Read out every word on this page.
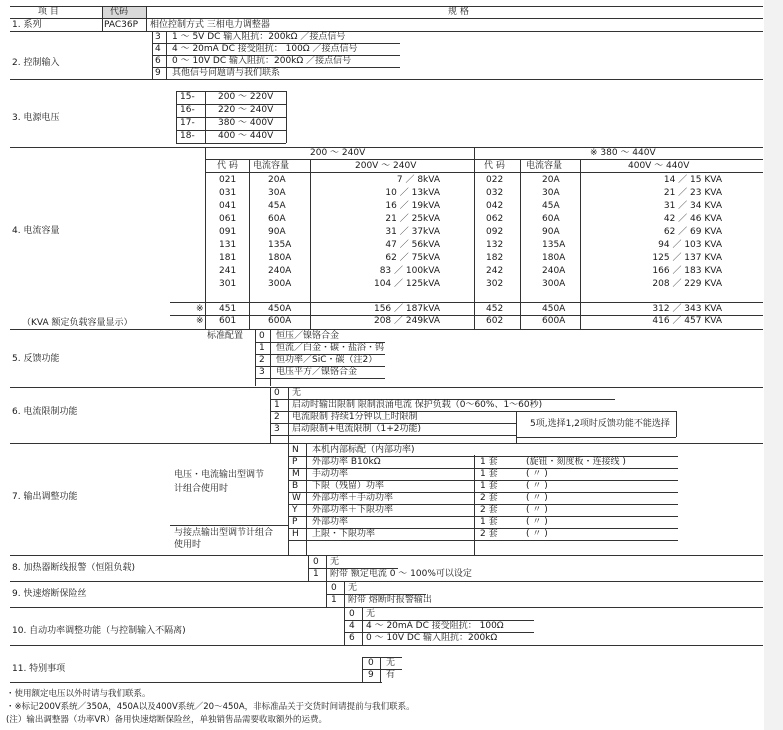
项 目	代码	规 格
1. 系列	PAC36P 相位控制方式 三相电力调整器
2. 控制输入
3 1 ～ 5V DC 输入阻抗：200kΩ ／接点信号
4 4 ～ 20mA DC 接受阻抗： 100Ω ／接点信号
6 0 ～ 10V DC 输入阻抗：200kΩ ／接点信号
9 其他信号问题请与我们联系
3. 电源电压
15-	200 ～ 220V
16-	220 ～ 240V
17-	380 ～ 400V
18-	400 ～ 440V
4. 电流容量
（KVA 额定负载容量显示）
200 ～ 240V	※ 380 ～ 440V
代 码 电流容量	200V ～ 240V	代 码 电流容量	400V ～ 440V
021	20A	7 ／ 8kVA	022	20A	14 ／ 15 KVA
031	30A	10 ／ 13kVA	032	30A	21 ／ 23 KVA
041	45A	16 ／ 19kVA	042	45A	31 ／ 34 KVA
061	60A	21 ／ 25kVA	062	60A	42 ／ 46 KVA
091	90A	31 ／ 37kVA	092	90A	62 ／ 69 KVA
131	135A	47 ／ 56kVA	132	135A	94 ／ 103 KVA
181	180A	62 ／ 75kVA	182	180A	125 ／ 137 KVA
241	240A	83 ／ 100kVA	242	240A	166 ／ 183 KVA
301	300A	104 ／ 125kVA	302	300A	208 ／ 229 KVA
451	450A	156 ／ 187kVA	452	450A	312 ／ 343 KVA
601	600A	208 ／ 249kVA	602	600A	416 ／ 457 KVA
※
※
5. 反馈功能
标准配置 0 恒压／镍铬合金
1 恒流／白金・碳・盐浴・钨
2 恒功率／SiC・碳（注2）
3 电压平方／镍铬合金
6. 电流限制功能
0 无
1 启动时输出限制 限制浪涌电流 保护负载（0～60%、1～60秒)
2 电流限制 持续1分钟以上时限制
3 启动限制+电流限制（1+2功能)	5项,选择1,2项时反馈功能不能选择
7. 输出调整功能
电压・电流输出型调节
计组合使用时
与接点输出型调节计组合
使用时
N 本机内部标配（内部功率)
P 外部功率 B10kΩ	1 套	(旋钮・刻度板・连接线 )
M 手动功率	1 套	( 〃 )
B 下限（残留）功率	1 套	( 〃 )
W 外部功率＋手动功率	2 套	( 〃 )
Y 外部功率＋下限功率	2 套	( 〃 )
P 外部功率	1 套	( 〃 )
H 上限・下限功率	2 套	( 〃 )
8. 加热器断线报警（恒阻负载)
0 无
1 附带 额定电流 0 ～ 100%可以设定
9. 快速熔断保险丝
0 无
1 附带 熔断时报警输出
10. 自动功率调整功能（与控制输入不隔离)
0 无
4 4 ～ 20mA DC 接受阻抗： 100Ω
6 0 ～ 10V DC 输入阻抗：200kΩ
11. 特别事项
0 无
9 有
・使用额定电压以外时请与我们联系。
・※标记200V系统／350A，450A以及400V系统／20～450A，非标准品关于交货时间请提前与我们联系。
(注）输出调整器（功率VR）备用快速熔断保险丝，单独销售品需要收取额外的运费。
